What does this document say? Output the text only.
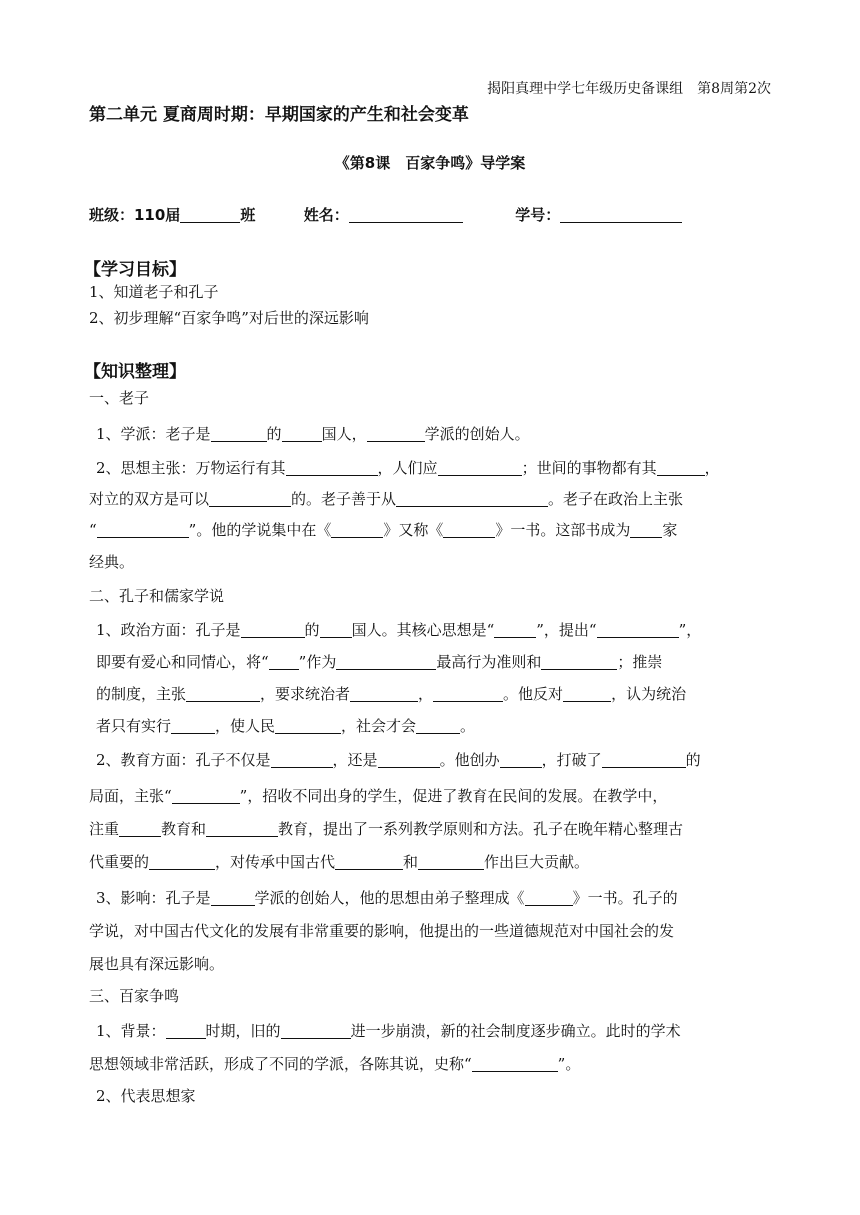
揭阳真理中学七年级历史备课组　第8周第2次
第二单元 夏商周时期：早期国家的产生和社会变革
《第8课　百家争鸣》导学案
班级：110届	班	姓名：	学号：
【学习目标】
1、知道老子和孔子
2、初步理解“百家争鸣”对后世的深远影响
【知识整理】
一、老子
1、学派：老子是	的	国人，	学派的创始人。
2、思想主张：万物运行有其	，人们应	；世间的事物都有其	，
对立的双方是可以	的。老子善于从	。老子在政治上主张
“	”。他的学说集中在《	》又称《	》一书。这部书成为 家
经典。
二、孔子和儒家学说
1、政治方面：孔子是	的 国人。其核心思想是“	”，提出“	”，
即要有爱心和同情心，将“ ”作为	最高行为准则和	；推崇
的制度，主张	，要求统治者	，	。他反对	，认为统治
者只有实行	，使人民	，社会才会	。
2、教育方面：孔子不仅是	，还是	。他创办	，打破了	的
局面，主张“	”，招收不同出身的学生，促进了教育在民间的发展。在教学中，
注重	教育和	教育，提出了一系列教学原则和方法。孔子在晚年精心整理古
代重要的	，对传承中国古代	和	作出巨大贡献。
3、影响：孔子是	学派的创始人，他的思想由弟子整理成《	》一书。孔子的
学说，对中国古代文化的发展有非常重要的影响，他提出的一些道德规范对中国社会的发
展也具有深远影响。
三、百家争鸣
1、背景：	时期，旧的	进一步崩溃，新的社会制度逐步确立。此时的学术
思想领域非常活跃，形成了不同的学派，各陈其说，史称“	”。
2、代表思想家
